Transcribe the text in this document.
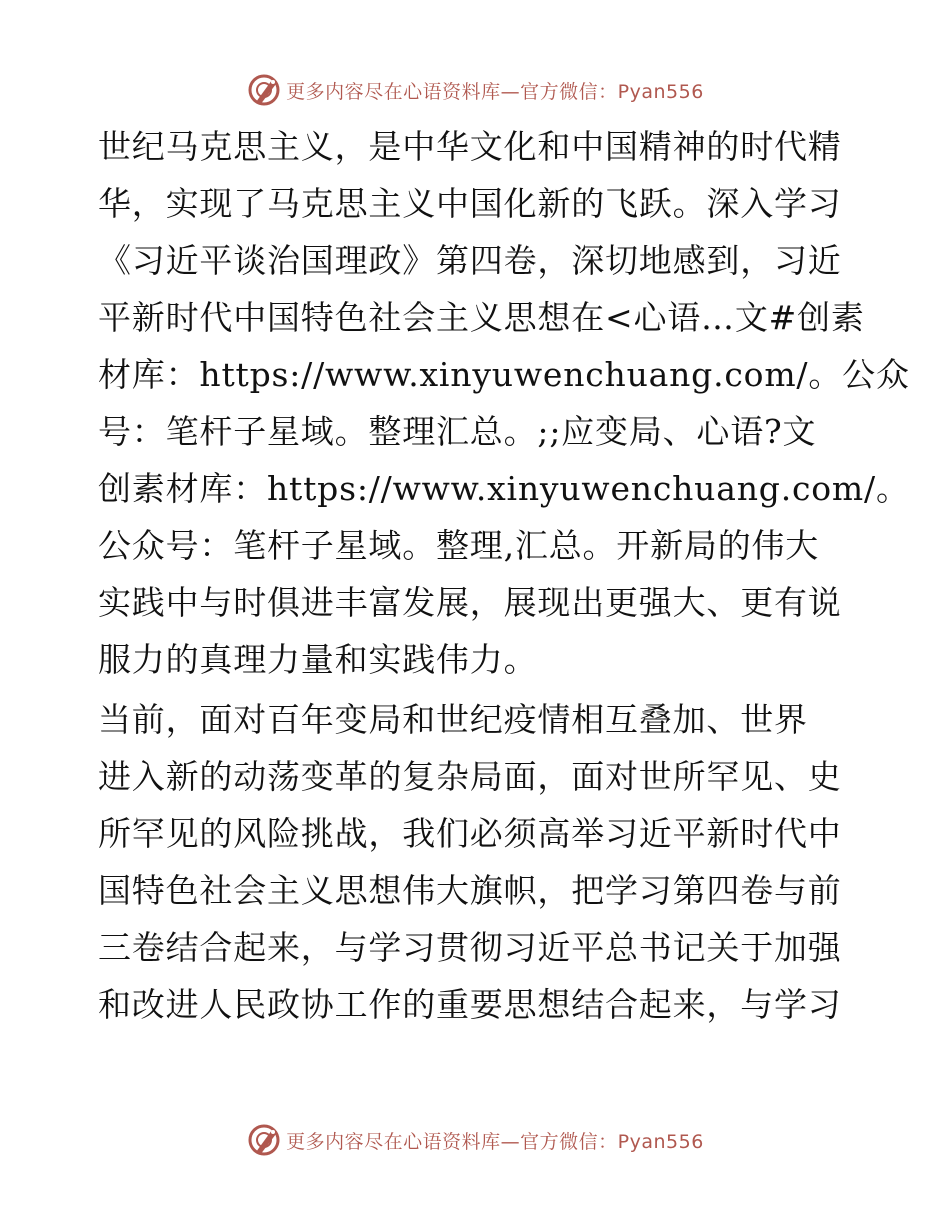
更多内容尽在心语资料库—官方微信：Pyan556
世纪马克思主义，是中华文化和中国精神的时代精
华，实现了马克思主义中国化新的飞跃。深入学习
《习近平谈治国理政》第四卷，深切地感到，习近
平新时代中国特色社会主义思想在<心语…文#创素
材库：https://www.xinyuwenchuang.com/。公众
号：笔杆子星域。整理汇总。;;应变局、心语?文
创素材库：https://www.xinyuwenchuang.com/。
公众号：笔杆子星域。整理,汇总。开新局的伟大
实践中与时俱进丰富发展，展现出更强大、更有说
服力的真理力量和实践伟力。
当前，面对百年变局和世纪疫情相互叠加、世界
进入新的动荡变革的复杂局面，面对世所罕见、史
所罕见的风险挑战，我们必须高举习近平新时代中
国特色社会主义思想伟大旗帜，把学习第四卷与前
三卷结合起来，与学习贯彻习近平总书记关于加强
和改进人民政协工作的重要思想结合起来，与学习
更多内容尽在心语资料库—官方微信：Pyan556
